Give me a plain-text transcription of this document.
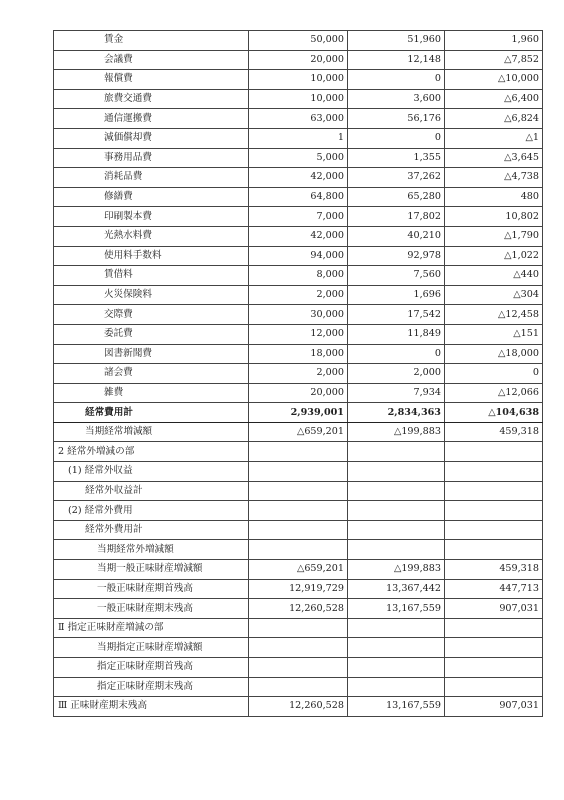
賃金	50,000	51,960	1,960
会議費	20,000	12,148	△7,852
報償費	10,000	0	△10,000
旅費交通費	10,000	3,600	△6,400
通信運搬費	63,000	56,176	△6,824
減価償却費	1	0	△1
事務用品費	5,000	1,355	△3,645
消耗品費	42,000	37,262	△4,738
修繕費	64,800	65,280	480
印刷製本費	7,000	17,802	10,802
光熱水料費	42,000	40,210	△1,790
使用料手数料	94,000	92,978	△1,022
賃借料	8,000	7,560	△440
火災保険料	2,000	1,696	△304
交際費	30,000	17,542	△12,458
委託費	12,000	11,849	△151
図書新聞費	18,000	0	△18,000
諸会費	2,000	2,000	0
雑費	20,000	7,934	△12,066
経常費用計	2,939,001	2,834,363	△104,638
当期経常増減額	△659,201	△199,883	459,318
2 経常外増減の部			
(1) 経常外収益			
経常外収益計			
(2) 経常外費用			
経常外費用計			
当期経常外増減額			
当期一般正味財産増減額	△659,201	△199,883	459,318
一般正味財産期首残高	12,919,729	13,367,442	447,713
一般正味財産期末残高	12,260,528	13,167,559	907,031
Ⅱ 指定正味財産増減の部			
当期指定正味財産増減額			
指定正味財産期首残高			
指定正味財産期末残高			
Ⅲ 正味財産期末残高	12,260,528	13,167,559	907,031
